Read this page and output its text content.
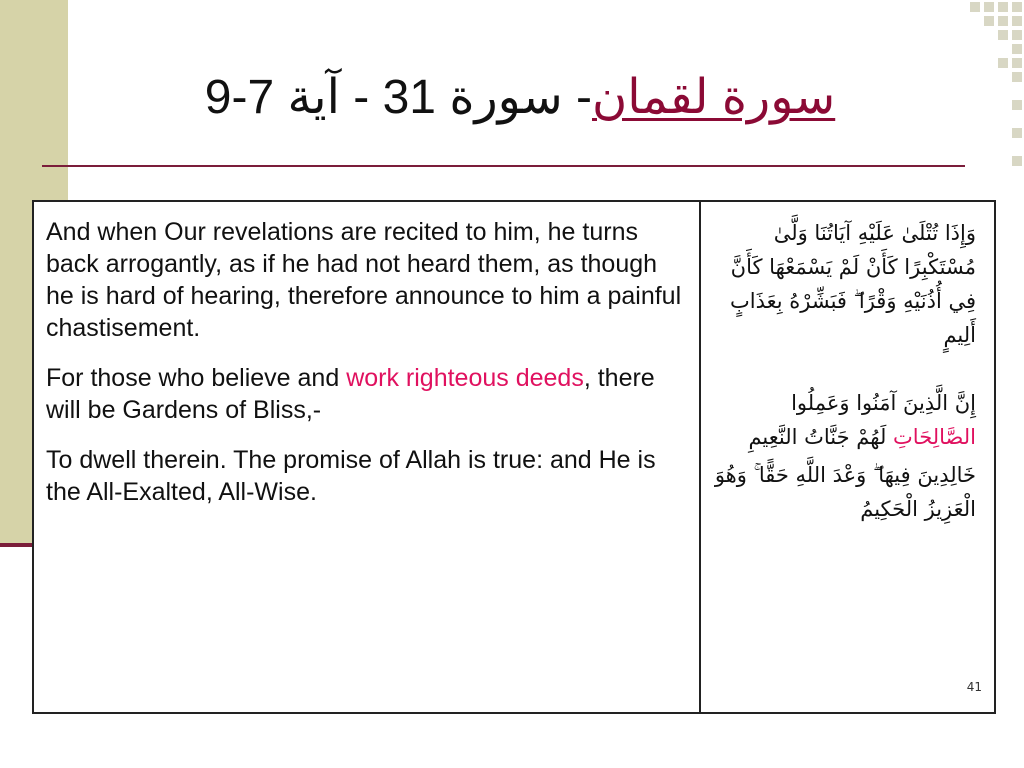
سورة لقمان
- سورة 31 - آية 7-9

And when Our revelations are recited to him, he turns back arrogantly, as if he had not heard them, as though he is hard of hearing, therefore announce to him a painful chastisement.

For those who believe and work righteous deeds, there will be Gardens of Bliss,-

To dwell therein. The promise of Allah is true: and He is the All-Exalted, All-Wise.

وَإِذَا تُتْلَىٰ عَلَيْهِ آيَاتُنَا وَلَّىٰ مُسْتَكْبِرًا كَأَنْ لَمْ يَسْمَعْهَا كَأَنَّ فِي أُذُنَيْهِ وَقْرًا ۖ فَبَشِّرْهُ بِعَذَابٍ أَلِيمٍ

إِنَّ الَّذِينَ آمَنُوا وَعَمِلُوا الصَّالِحَاتِ لَهُمْ جَنَّاتُ النَّعِيمِ

خَالِدِينَ فِيهَا ۖ وَعْدَ اللَّهِ حَقًّا ۚ وَهُوَ الْعَزِيزُ الْحَكِيمُ

41
